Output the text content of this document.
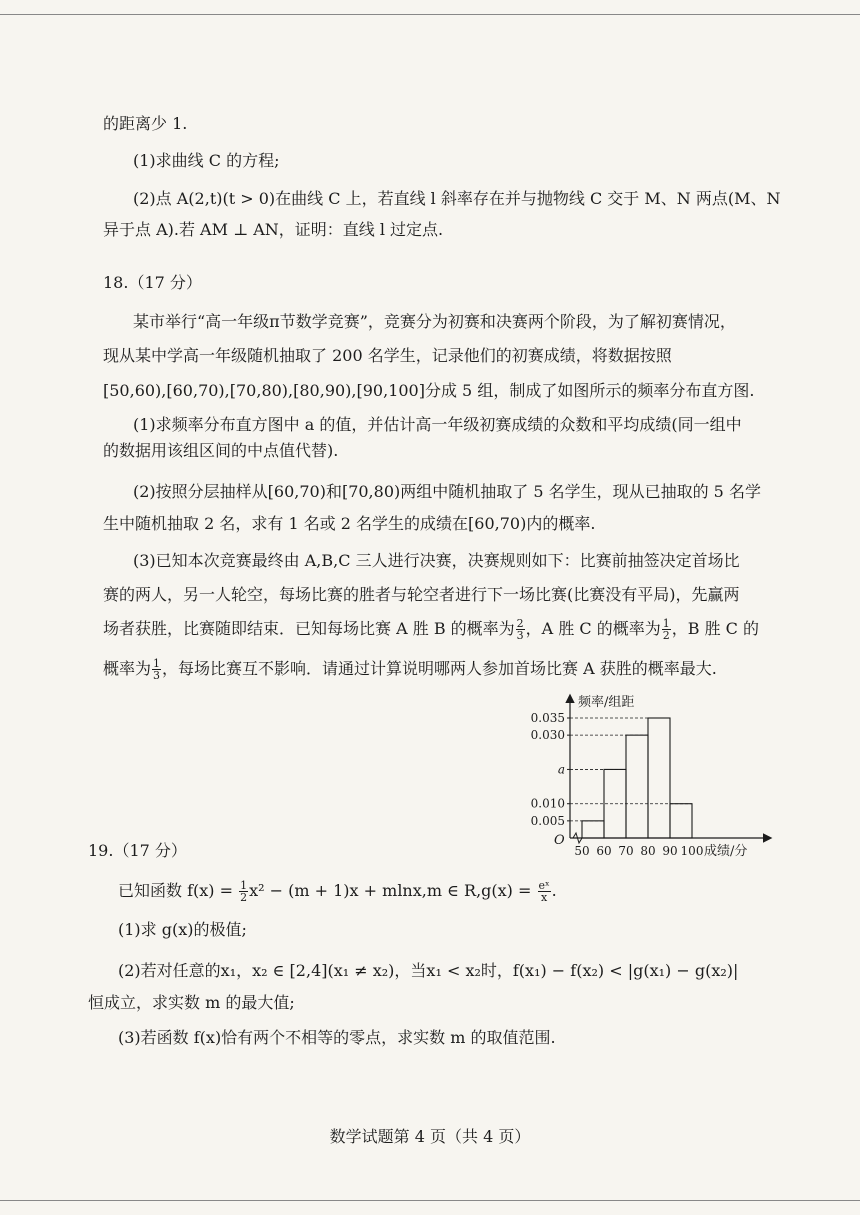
的距离少 1.
(1)求曲线 C 的方程;
(2)点 A(2,t)(t > 0)在曲线 C 上，若直线 l 斜率存在并与抛物线 C 交于 M、N 两点(M、N
异于点 A).若 AM ⊥ AN，证明：直线 l 过定点.
18.（17 分）
某市举行“高一年级π节数学竞赛”，竞赛分为初赛和决赛两个阶段，为了解初赛情况，
现从某中学高一年级随机抽取了 200 名学生，记录他们的初赛成绩，将数据按照
[50,60),[60,70),[70,80),[80,90),[90,100]分成 5 组，制成了如图所示的频率分布直方图.
(1)求频率分布直方图中 a 的值，并估计高一年级初赛成绩的众数和平均成绩(同一组中
的数据用该组区间的中点值代替).
(2)按照分层抽样从[60,70)和[70,80)两组中随机抽取了 5 名学生，现从已抽取的 5 名学
生中随机抽取 2 名，求有 1 名或 2 名学生的成绩在[60,70)内的概率.
(3)已知本次竞赛最终由 A,B,C 三人进行决赛，决赛规则如下：比赛前抽签决定首场比
赛的两人，另一人轮空，每场比赛的胜者与轮空者进行下一场比赛(比赛没有平局)，先赢两
场者获胜，比赛随即结束．已知每场比赛 A 胜 B 的概率为 $\frac{2}{3}$ ，A 胜 C 的概率为 $\frac{1}{2}$ ，B 胜 C 的
概率为 $\frac{1}{3}$ ，每场比赛互不影响．请通过计算说明哪两人参加首场比赛 A 获胜的概率最大.
频率/组距
O
0.035
0.030
a
0.010
0.005
50 60 70 80 90 100 成绩/分
19.（17 分）
已知函数 $f(x) = \frac{1}{2} x^2 - (m + 1)x + mlnx,m$ ∈ $R,g(x) = \frac{\text{eˣ}}{x}$ .
(1)求 g(x)的极值;
(2)若对任意的x₁，x₂ ∈ [2,4](x₁ ≠ x₂)，当x₁ < x₂时，f(x₁) − f(x₂) < |g(x₁) − g(x₂)|
恒成立，求实数 m 的最大值;
(3)若函数 f(x)恰有两个不相等的零点，求实数 m 的取值范围.
数学试题第 4 页（共 4 页）
